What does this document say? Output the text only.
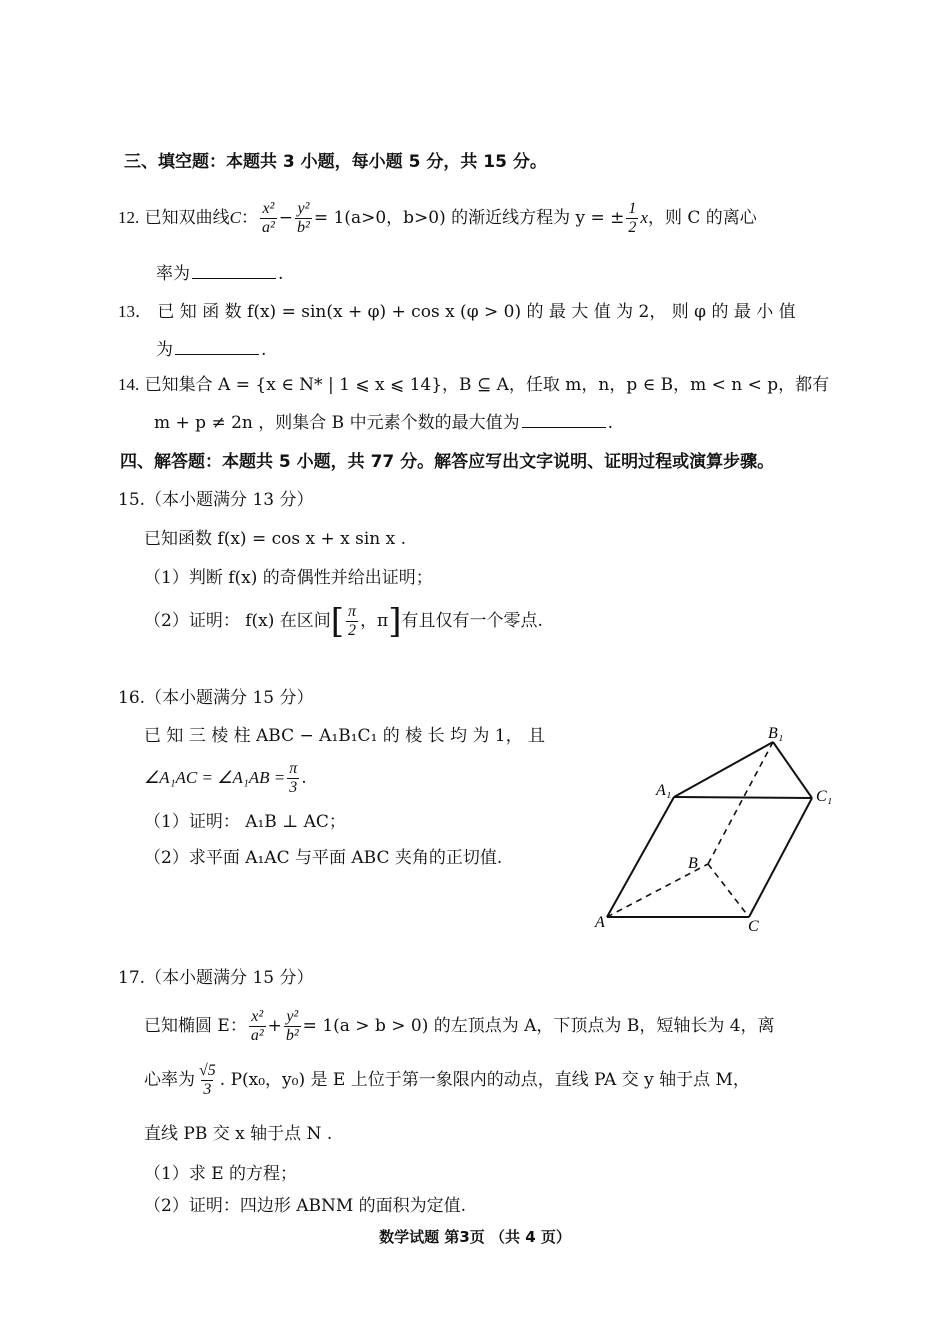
三、填空题：本题共 3 小题，每小题 5 分，共 15 分。
12. 已知双曲线C： $\frac{\text{x²}}{\text{a²}} - \frac{\text{y²}}{\text{b²}} = 1(a>0$，b>0) 的渐近线方程为 y = ± $\frac{1}{2}$ x，则 C 的离心
率为	.
13． 已 知 函 数 f(x) = sin(x + φ) + cos x (φ > 0) 的 最 大 值 为 2， 则 φ 的 最 小 值
为	.
14. 已知集合 A = {x ∈ N* | 1 ⩽ x ⩽ 14}，B ⊆ A，任取 m，n，p ∈ B，m < n < p，都有
m + p ≠ 2n ，则集合 B 中元素个数的最大值为	.
四、解答题：本题共 5 小题，共 77 分。解答应写出文字说明、证明过程或演算步骤。
15.（本小题满分 13 分）
已知函数 f(x) = cos x + x sin x .
（1）判断 f(x) 的奇偶性并给出证明；
（2）证明： f(x) 在区间[ $\frac{\pi}{2}$ ，π]有且仅有一个零点.
16.（本小题满分 15 分）
已 知 三 棱 柱 ABC − A₁B₁C₁ 的 棱 长 均 为 1， 且
∠A₁AC = ∠A₁AB = $\frac{\pi}{3}$ .
（1）证明： A₁B ⊥ AC；
（2）求平面 A₁AC 与平面 ABC 夹角的正切值.
B₁
A₁	C₁
B
A	C
17.（本小题满分 15 分）
已知椭圆 E： $\frac{\text{x²}}{\text{a²}} + \frac{\text{y²}}{\text{b²}} = 1(a > b > 0)$ 的左顶点为 A，下顶点为 B，短轴长为 4，离
心率为 $\frac{√5}{3}$ . P(x₀，y₀) 是 E 上位于第一象限内的动点，直线 PA 交 y 轴于点 M，
直线 PB 交 x 轴于点 N .
（1）求 E 的方程；
（2）证明：四边形 ABNM 的面积为定值.
数学试题 第3页 （共 4 页）
